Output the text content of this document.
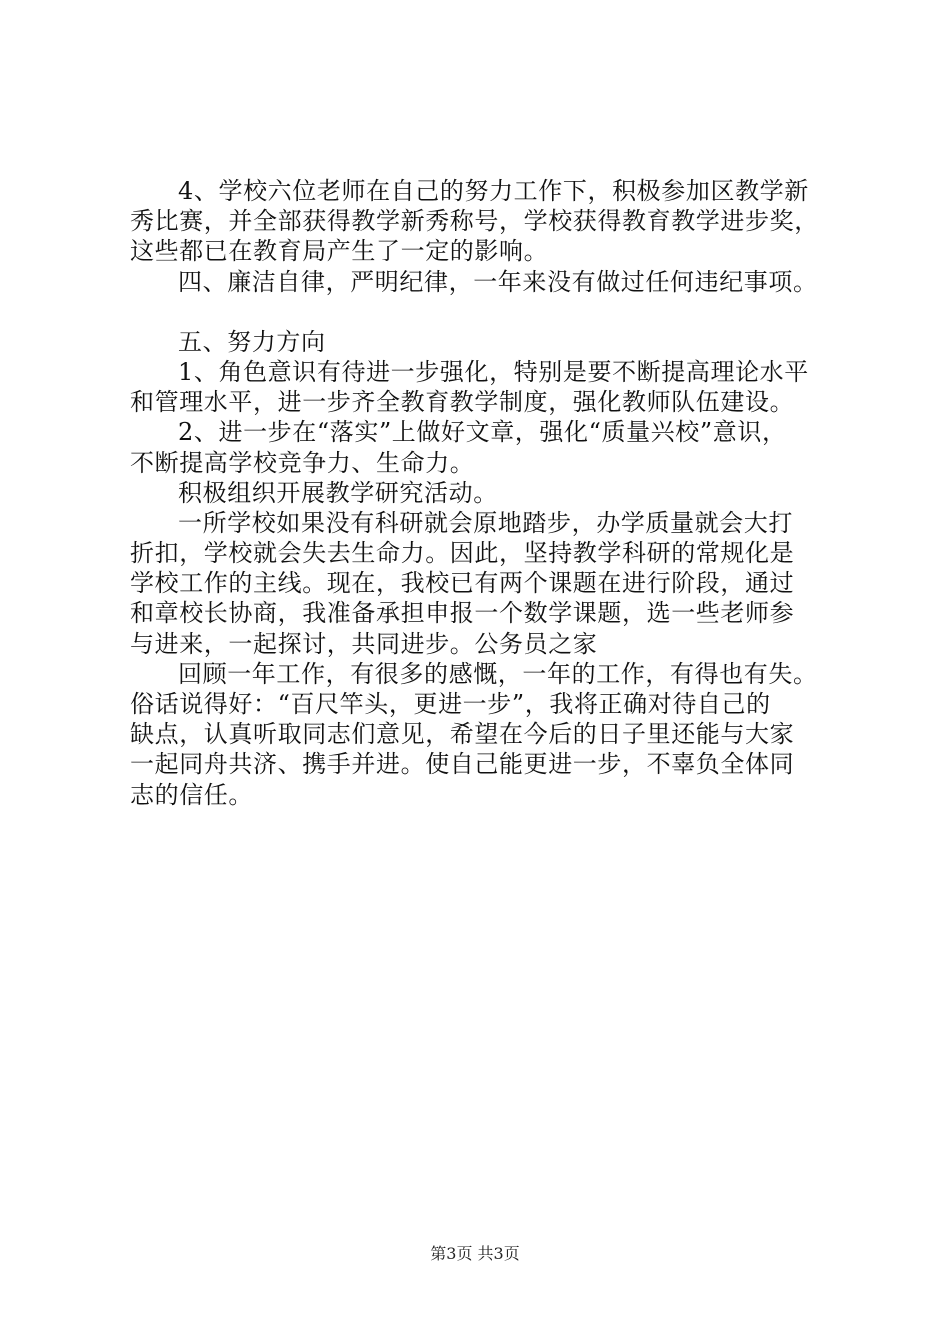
4、学校六位老师在自己的努力工作下，积极参加区教学新
秀比赛，并全部获得教学新秀称号，学校获得教育教学进步奖，
这些都已在教育局产生了一定的影响。
四、廉洁自律，严明纪律，一年来没有做过任何违纪事项。
五、努力方向
1、角色意识有待进一步强化，特别是要不断提高理论水平
和管理水平，进一步齐全教育教学制度，强化教师队伍建设。
2、进一步在“落实”上做好文章，强化“质量兴校”意识，
不断提高学校竞争力、生命力。
积极组织开展教学研究活动。
一所学校如果没有科研就会原地踏步，办学质量就会大打
折扣，学校就会失去生命力。因此，坚持教学科研的常规化是
学校工作的主线。现在，我校已有两个课题在进行阶段，通过
和章校长协商，我准备承担申报一个数学课题，选一些老师参
与进来，一起探讨，共同进步。公务员之家
回顾一年工作，有很多的感慨，一年的工作，有得也有失。
俗话说得好：“百尺竿头，更进一步”，我将正确对待自己的
缺点，认真听取同志们意见，希望在今后的日子里还能与大家
一起同舟共济、携手并进。使自己能更进一步，不辜负全体同
志的信任。
第3页 共3页
